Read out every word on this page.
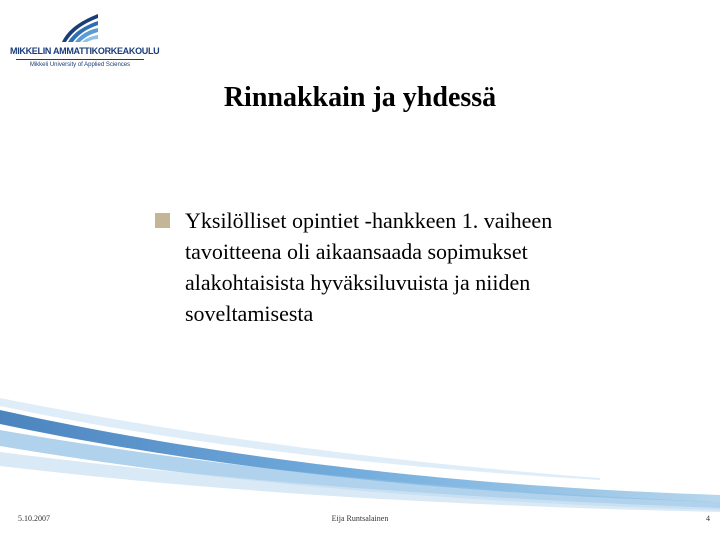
MIKKELIN AMMATTIKORKEAKOULU
Mikkeli University of Applied Sciences
Rinnakkain ja yhdessä
Yksilölliset opintiet -hankkeen 1. vaiheen tavoitteena oli aikaansaada sopimukset alakohtaisista hyväksiluvuista ja niiden soveltamisesta
5.10.2007	Eija Runtsalainen	4
